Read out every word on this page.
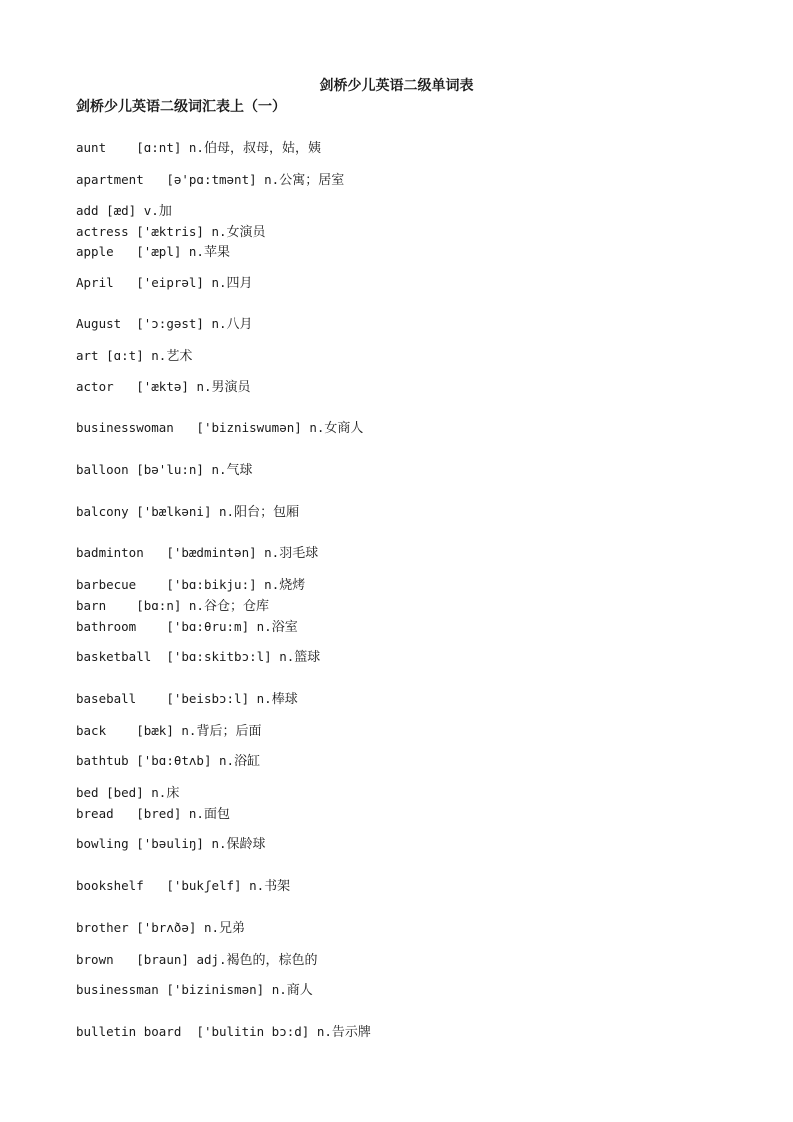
剑桥少儿英语二级单词表
剑桥少儿英语二级词汇表上（一）
aunt [ɑ:nt] n.伯母，叔母，姑，姨
apartment [ə'pɑ:tmənt] n.公寓；居室
add [æd] v.加
actress ['æktris] n.女演员
apple ['æpl] n.苹果
April ['eiprəl] n.四月
August ['ɔ:gəst] n.八月
art [ɑ:t] n.艺术
actor ['æktə] n.男演员
businesswoman ['bizniswumən] n.女商人
balloon [bə'lu:n] n.气球
balcony ['bælkəni] n.阳台；包厢
badminton ['bædmintən] n.羽毛球
barbecue ['bɑ:bikju:] n.烧烤
barn [bɑ:n] n.谷仓；仓库
bathroom ['bɑ:θru:m] n.浴室
basketball ['bɑ:skitbɔ:l] n.篮球
baseball ['beisbɔ:l] n.棒球
back [bæk] n.背后；后面
bathtub ['bɑ:θtʌb] n.浴缸
bed [bed] n.床
bread [bred] n.面包
bowling ['bəuliŋ] n.保龄球
bookshelf ['bukʃelf] n.书架
brother ['brʌðə] n.兄弟
brown [braun] adj.褐色的，棕色的
businessman ['bizinismən] n.商人
bulletin board ['bulitin bɔ:d] n.告示牌
